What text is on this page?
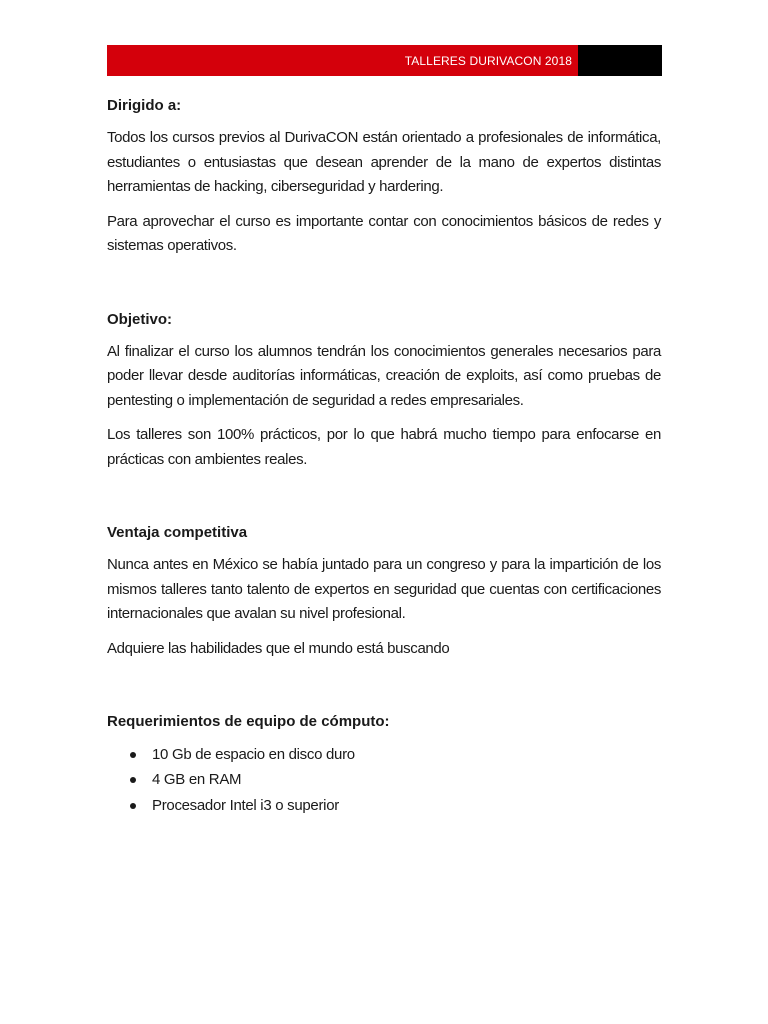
TALLERES DURIVACON 2018
Dirigido a:

Todos los cursos previos al DurivaCON están orientado a profesionales de informática, estudiantes o entusiastas que desean aprender de la mano de expertos distintas herramientas de hacking, ciberseguridad y hardering.

Para aprovechar el curso es importante contar con conocimientos básicos de redes y sistemas operativos.

Objetivo:

Al finalizar el curso los alumnos tendrán los conocimientos generales necesarios para poder llevar desde auditorías informáticas, creación de exploits, así como pruebas de pentesting o implementación de seguridad a redes empresariales.

Los talleres son 100% prácticos, por lo que habrá mucho tiempo para enfocarse en prácticas con ambientes reales.

Ventaja competitiva

Nunca antes en México se había juntado para un congreso y para la impartición de los mismos talleres tanto talento de expertos en seguridad que cuentas con certificaciones internacionales que avalan su nivel profesional.

Adquiere las habilidades que el mundo está buscando

Requerimientos de equipo de cómputo:
10 Gb de espacio en disco duro
4 GB en RAM
Procesador Intel i3 o superior
